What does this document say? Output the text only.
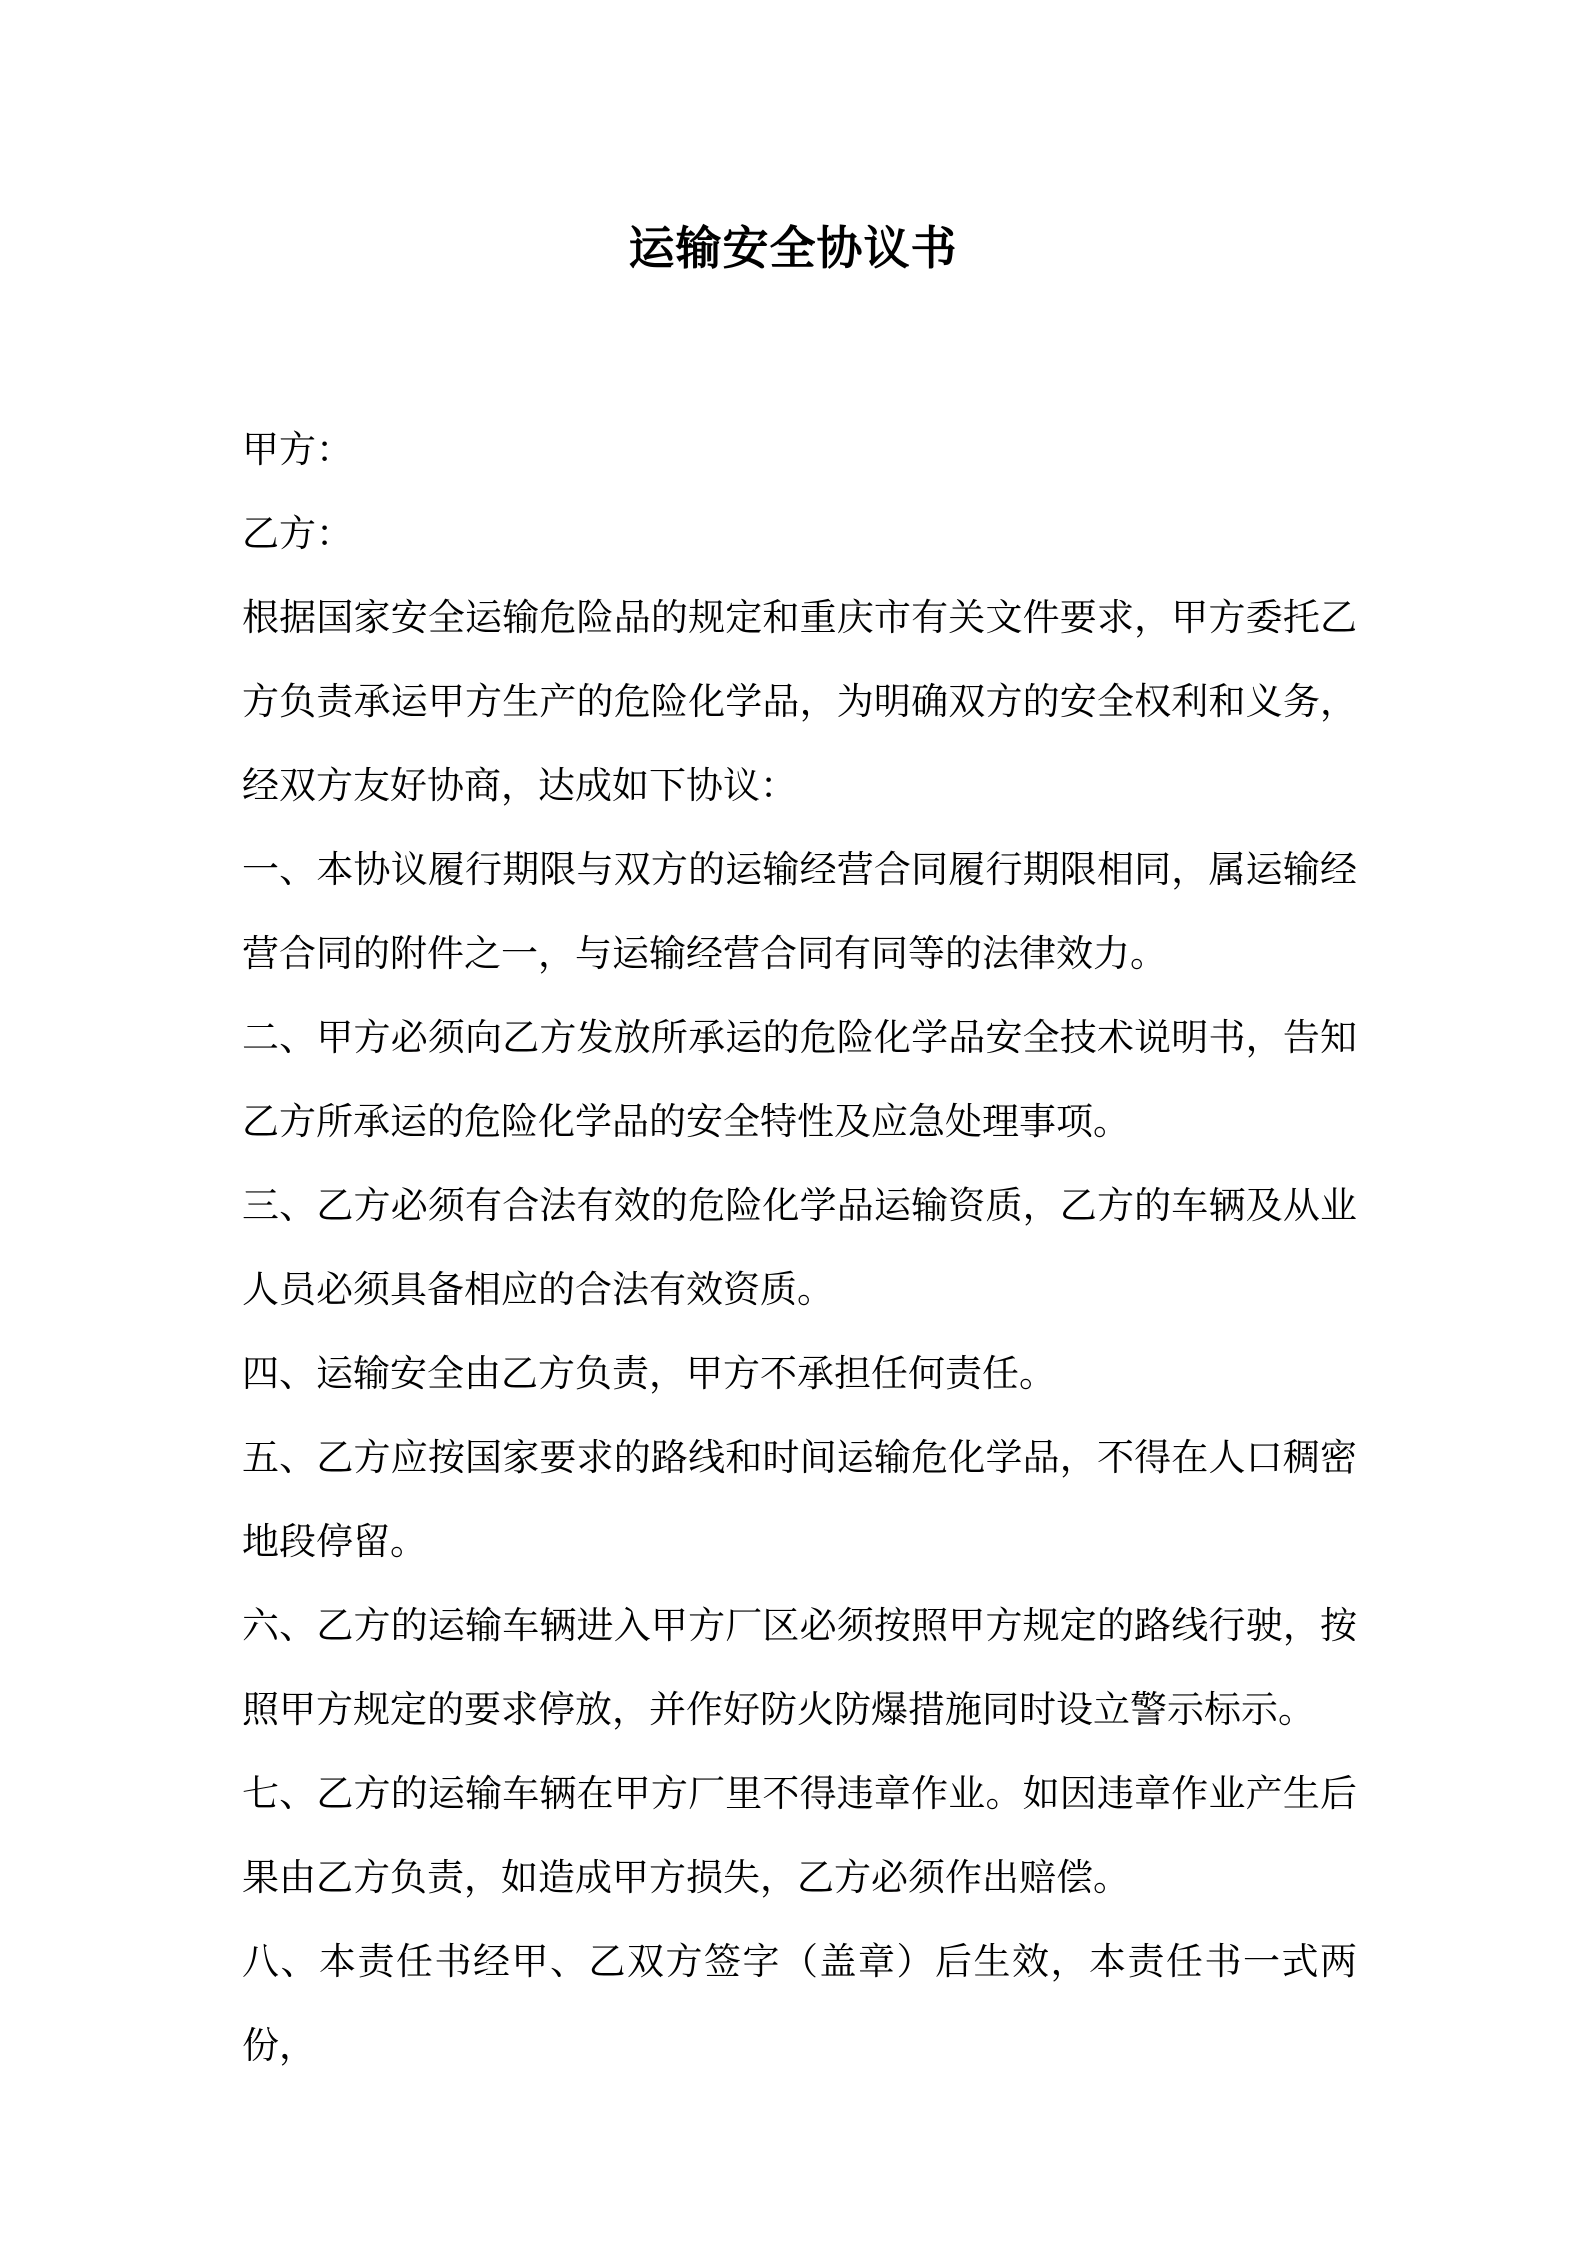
运输安全协议书

甲方：

乙方：

根据国家安全运输危险品的规定和重庆市有关文件要求，甲方委托乙方负责承运甲方生产的危险化学品，为明确双方的安全权利和义务，经双方友好协商，达成如下协议：

一、本协议履行期限与双方的运输经营合同履行期限相同，属运输经营合同的附件之一，与运输经营合同有同等的法律效力。

二、甲方必须向乙方发放所承运的危险化学品安全技术说明书，告知乙方所承运的危险化学品的安全特性及应急处理事项。

三、乙方必须有合法有效的危险化学品运输资质，乙方的车辆及从业人员必须具备相应的合法有效资质。

四、运输安全由乙方负责，甲方不承担任何责任。

五、乙方应按国家要求的路线和时间运输危化学品，不得在人口稠密地段停留。

六、乙方的运输车辆进入甲方厂区必须按照甲方规定的路线行驶，按照甲方规定的要求停放，并作好防火防爆措施同时设立警示标示。

七、乙方的运输车辆在甲方厂里不得违章作业。如因违章作业产生后果由乙方负责，如造成甲方损失，乙方必须作出赔偿。

八、本责任书经甲、乙双方签字（盖章）后生效，本责任书一式两份，
